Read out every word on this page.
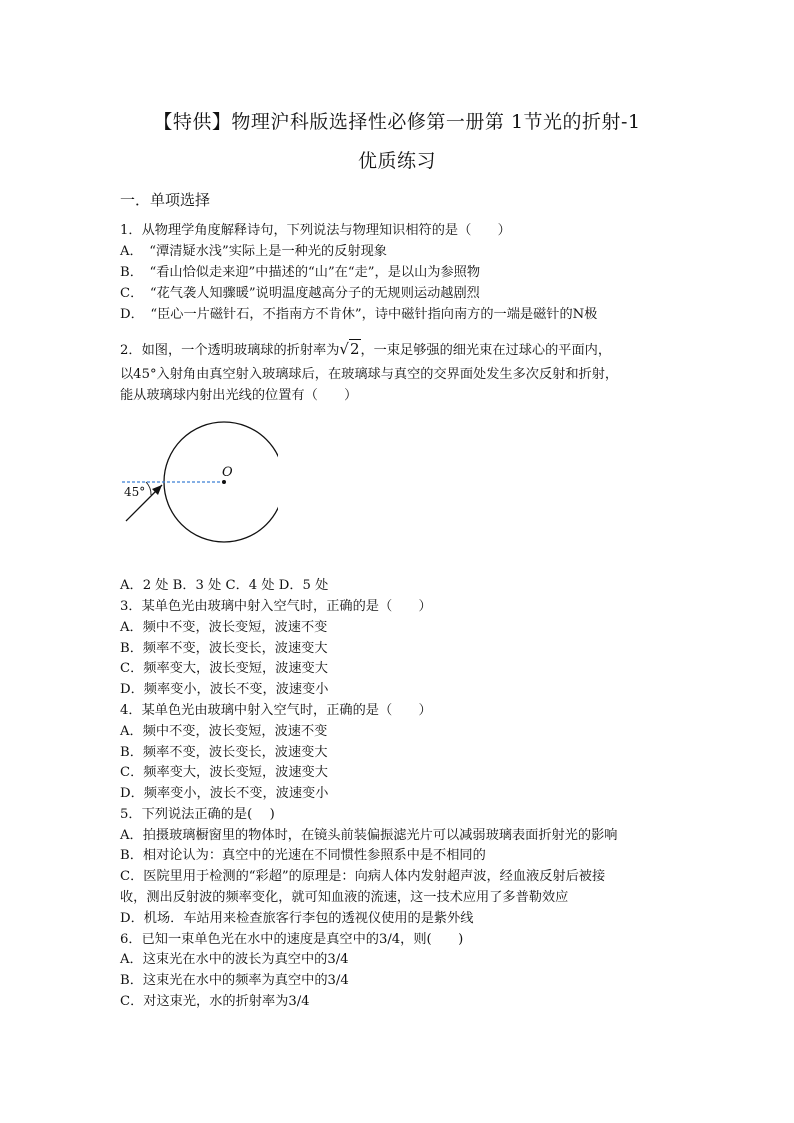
【特供】物理沪科版选择性必修第一册第 1节光的折射-1
优质练习
一．单项选择
1．从物理学角度解释诗句，下列说法与物理知识相符的是（　　）
A．　“潭清疑水浅”实际上是一种光的反射现象
B．　“看山恰似走来迎”中描述的“山”在“走”，是以山为参照物
C．　“花气袭人知骤暖”说明温度越高分子的无规则运动越剧烈
D．　“臣心一片磁针石，不指南方不肯休”，诗中磁针指向南方的一端是磁针的N极
2．如图，一个透明玻璃球的折射率为√2，一束足够强的细光束在过球心的平面内，
以45°入射角由真空射入玻璃球后，在玻璃球与真空的交界面处发生多次反射和折射，
能从玻璃球内射出光线的位置有（　　）
O
45°
A．2 处 B．3 处 C．4 处 D．5 处
3．某单色光由玻璃中射入空气时，正确的是（　　）
A．频中不变，波长变短，波速不变
B．频率不变，波长变长，波速变大
C．频率变大，波长变短，波速变大
D．频率变小，波长不变，波速变小
4．某单色光由玻璃中射入空气时，正确的是（　　）
A．频中不变，波长变短，波速不变
B．频率不变，波长变长，波速变大
C．频率变大，波长变短，波速变大
D．频率变小，波长不变，波速变小
5．下列说法正确的是(　 )
A．拍摄玻璃橱窗里的物体时，在镜头前装偏振滤光片可以减弱玻璃表面折射光的影响
B．相对论认为：真空中的光速在不同惯性参照系中是不相同的
C．医院里用于检测的“彩超”的原理是：向病人体内发射超声波，经血液反射后被接
收，测出反射波的频率变化，就可知血液的流速，这一技术应用了多普勒效应
D．机场．车站用来检查旅客行李包的透视仪使用的是紫外线
6．已知一束单色光在水中的速度是真空中的3/4，则(　　)
A．这束光在水中的波长为真空中的3/4
B．这束光在水中的频率为真空中的3/4
C．对这束光，水的折射率为3/4
